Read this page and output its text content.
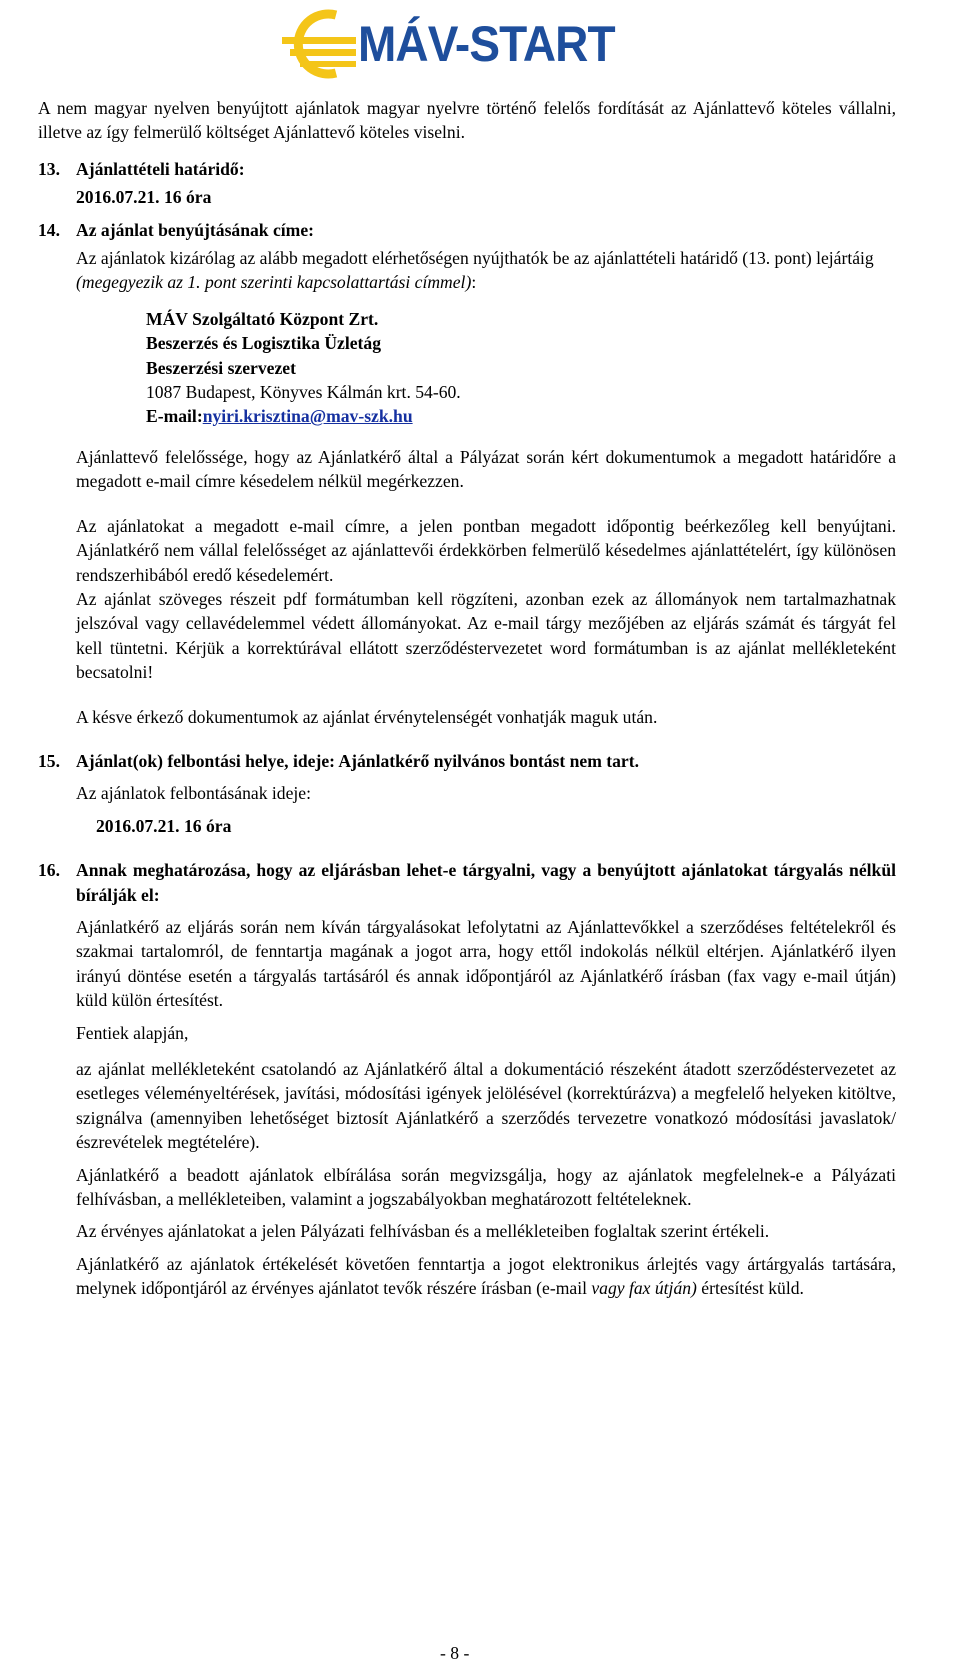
MÁV-START

A nem magyar nyelven benyújtott ajánlatok magyar nyelvre történő felelős fordítását az Ajánlattevő köteles vállalni, illetve az így felmerülő költséget Ajánlattevő köteles viselni.

13. Ajánlattételi határidő:

2016.07.21. 16 óra

14. Az ajánlat benyújtásának címe:

Az ajánlatok kizárólag az alább megadott elérhetőségen nyújthatók be az ajánlattételi határidő (13. pont) lejártáig (megegyezik az 1. pont szerinti kapcsolattartási címmel):

MÁV Szolgáltató Központ Zrt.

Beszerzés és Logisztika Üzletág

Beszerzési szervezet

1087 Budapest, Könyves Kálmán krt. 54-60.

E-mail:nyiri.krisztina@mav-szk.hu

Ajánlattevő felelőssége, hogy az Ajánlatkérő által a Pályázat során kért dokumentumok a megadott határidőre a megadott e-mail címre késedelem nélkül megérkezzen.

Az ajánlatokat a megadott e-mail címre, a jelen pontban megadott időpontig beérkezőleg kell benyújtani. Ajánlatkérő nem vállal felelősséget az ajánlattevői érdekkörben felmerülő késedelmes ajánlattételért, így különösen rendszerhibából eredő késedelemért.

Az ajánlat szöveges részeit pdf formátumban kell rögzíteni, azonban ezek az állományok nem tartalmazhatnak jelszóval vagy cellavédelemmel védett állományokat. Az e-mail tárgy mezőjében az eljárás számát és tárgyát fel kell tüntetni. Kérjük a korrektúrával ellátott szerződéstervezetet word formátumban is az ajánlat mellékleteként becsatolni!

A késve érkező dokumentumok az ajánlat érvénytelenségét vonhatják maguk után.

15. Ajánlat(ok) felbontási helye, ideje: Ajánlatkérő nyilvános bontást nem tart.

Az ajánlatok felbontásának ideje:

2016.07.21. 16 óra

16. Annak meghatározása, hogy az eljárásban lehet-e tárgyalni, vagy a benyújtott ajánlatokat tárgyalás nélkül bírálják el:

Ajánlatkérő az eljárás során nem kíván tárgyalásokat lefolytatni az Ajánlattevőkkel a szerződéses feltételekről és szakmai tartalomról, de fenntartja magának a jogot arra, hogy ettől indokolás nélkül eltérjen. Ajánlatkérő ilyen irányú döntése esetén a tárgyalás tartásáról és annak időpontjáról az Ajánlatkérő írásban (fax vagy e-mail útján) küld külön értesítést.

Fentiek alapján,

az ajánlat mellékleteként csatolandó az Ajánlatkérő által a dokumentáció részeként átadott szerződéstervezetet az esetleges véleményeltérések, javítási, módosítási igények jelölésével (korrektúrázva) a megfelelő helyeken kitöltve, szignálva (amennyiben lehetőséget biztosít Ajánlatkérő a szerződés tervezetre vonatkozó módosítási javaslatok/észrevételek megtételére).

Ajánlatkérő a beadott ajánlatok elbírálása során megvizsgálja, hogy az ajánlatok megfelelnek-e a Pályázati felhívásban, a mellékleteiben, valamint a jogszabályokban meghatározott feltételeknek.

Az érvényes ajánlatokat a jelen Pályázati felhívásban és a mellékleteiben foglaltak szerint értékeli.

Ajánlatkérő az ajánlatok értékelését követően fenntartja a jogot elektronikus árlejtés vagy ártárgyalás tartására, melynek időpontjáról az érvényes ajánlatot tevők részére írásban (e-mail vagy fax útján) értesítést küld.

- 8 -
